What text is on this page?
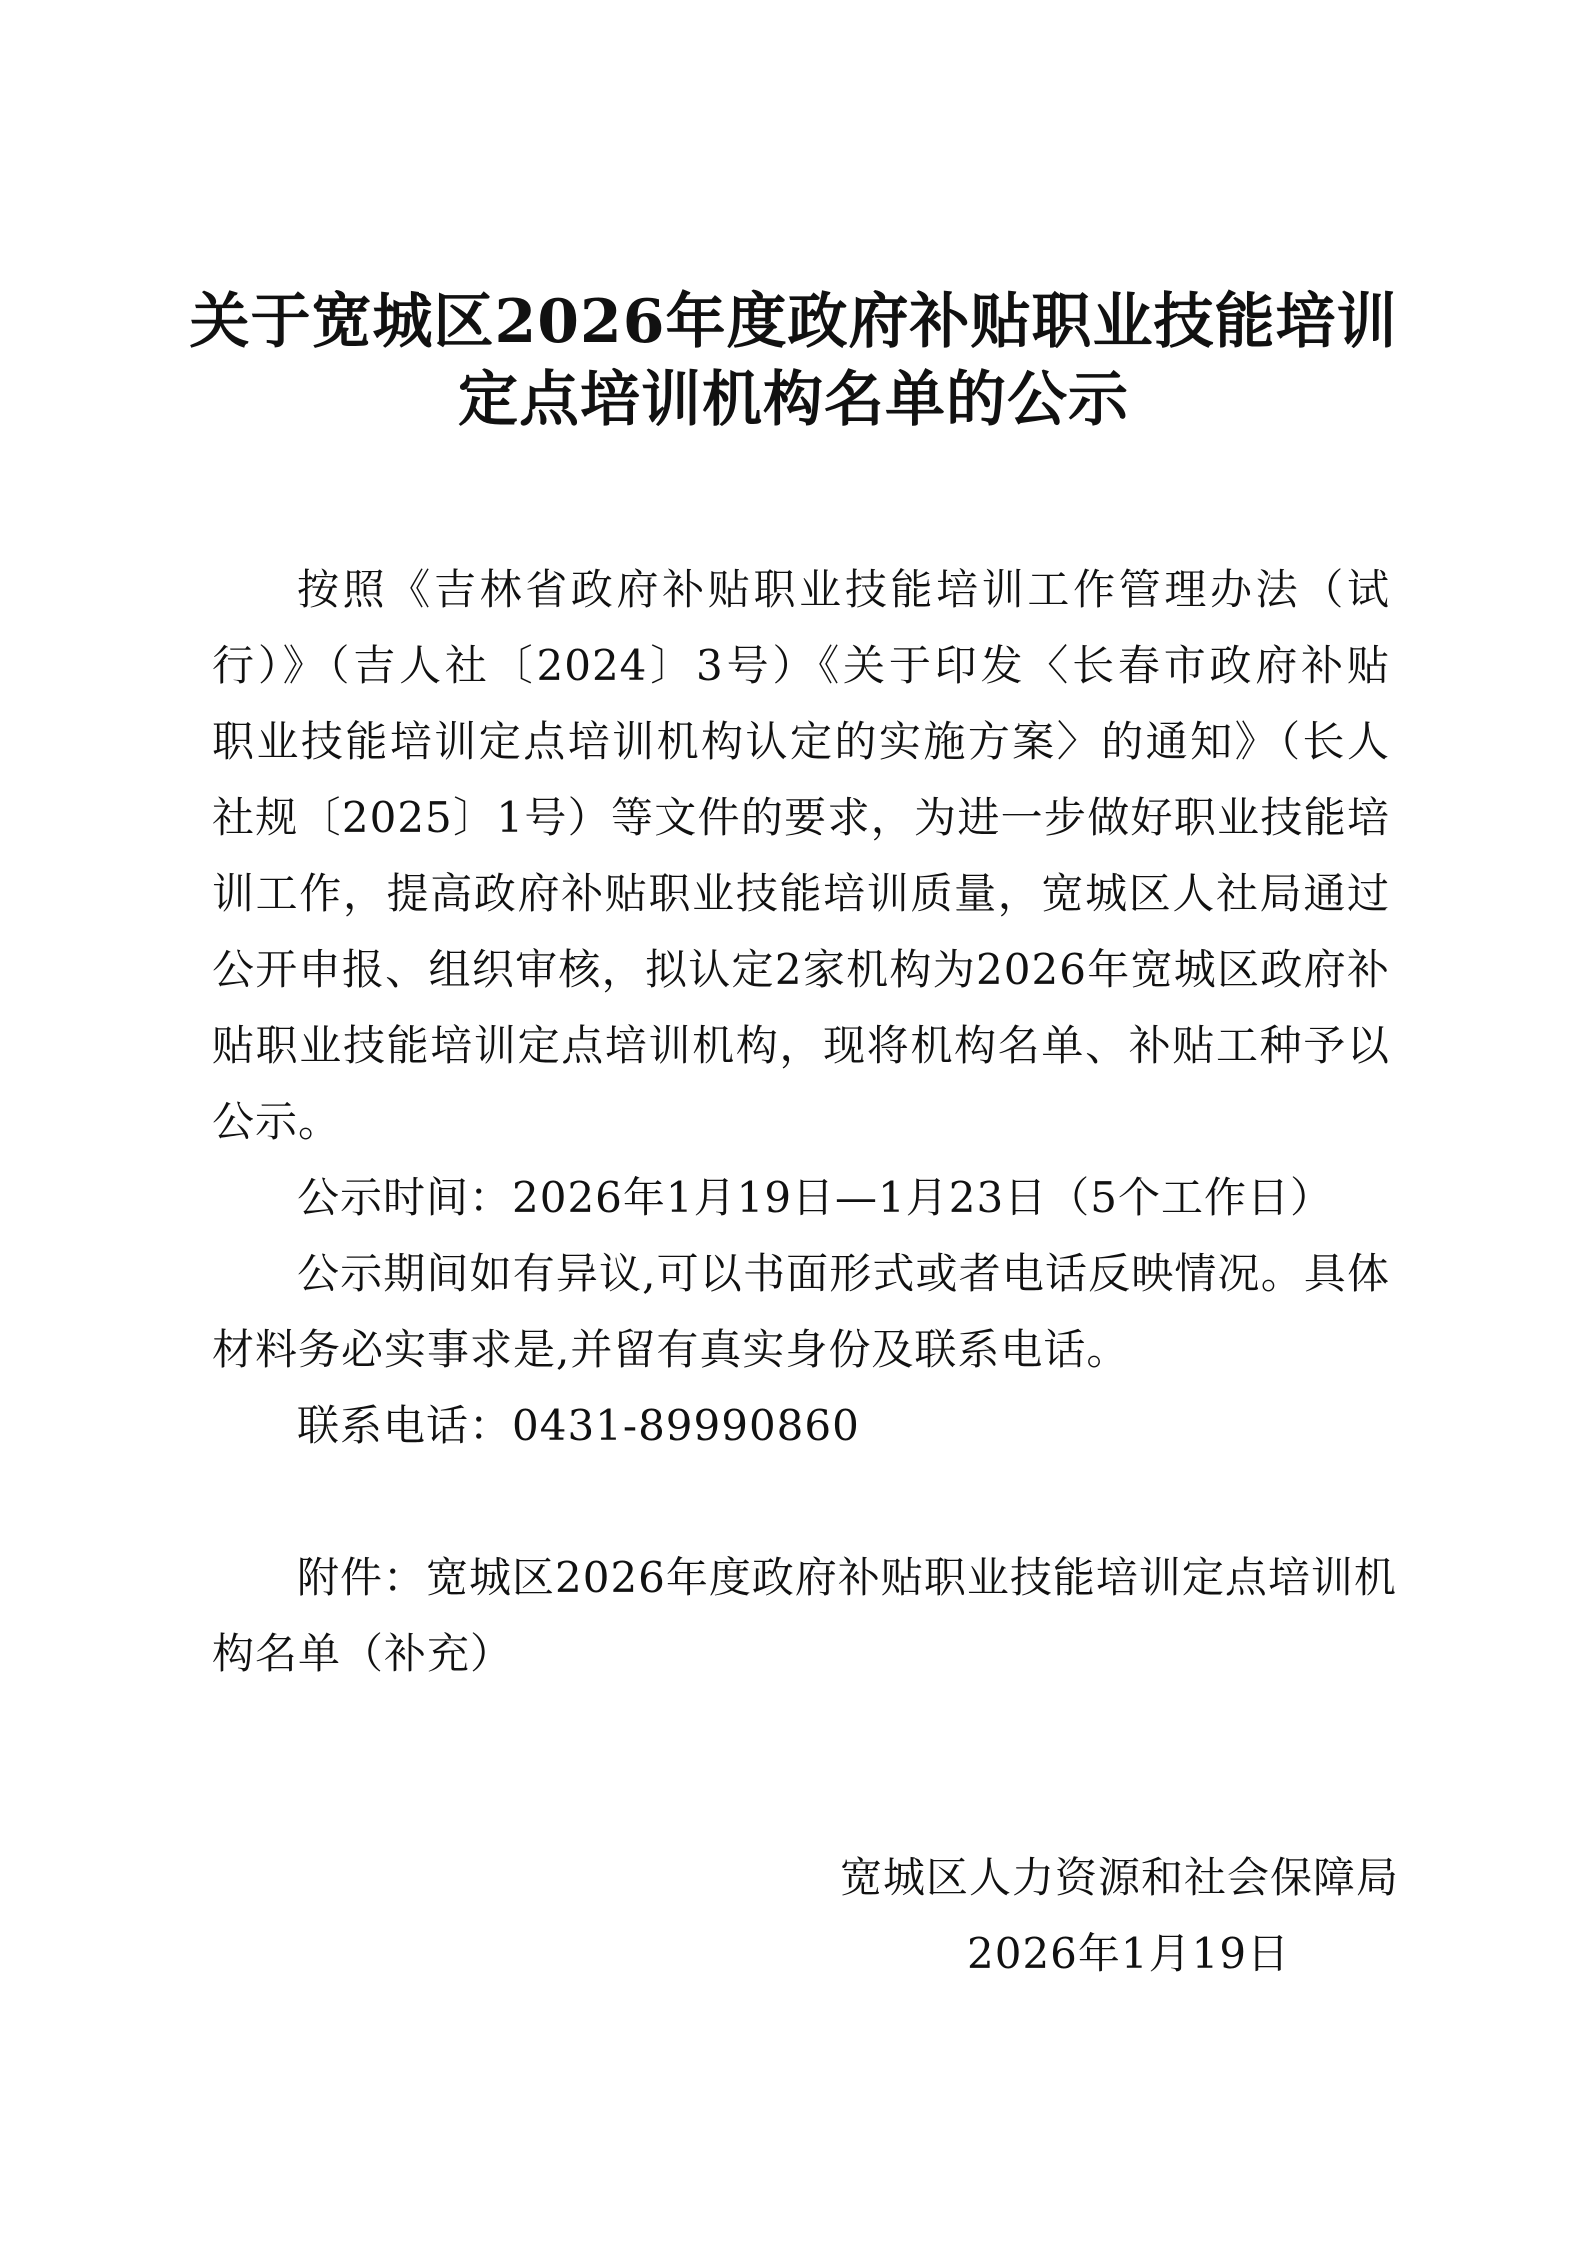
关于宽城区2026年度政府补贴职业技能培训
定点培训机构名单的公示
按照《吉林省政府补贴职业技能培训工作管理办法（试
行）》（吉人社〔2024〕3号）《关于印发〈长春市政府补贴
职业技能培训定点培训机构认定的实施方案〉的通知》（长人
社规〔2025〕1号）等文件的要求，为进一步做好职业技能培
训工作，提高政府补贴职业技能培训质量，宽城区人社局通过
公开申报、组织审核，拟认定2家机构为2026年宽城区政府补
贴职业技能培训定点培训机构，现将机构名单、补贴工种予以
公示。
公示时间：2026年1月19日—1月23日（5个工作日）
公示期间如有异议,可以书面形式或者电话反映情况。具体
材料务必实事求是,并留有真实身份及联系电话。
联系电话：0431-89990860
附件：宽城区2026年度政府补贴职业技能培训定点培训机
构名单（补充）
宽城区人力资源和社会保障局
2026年1月19日
